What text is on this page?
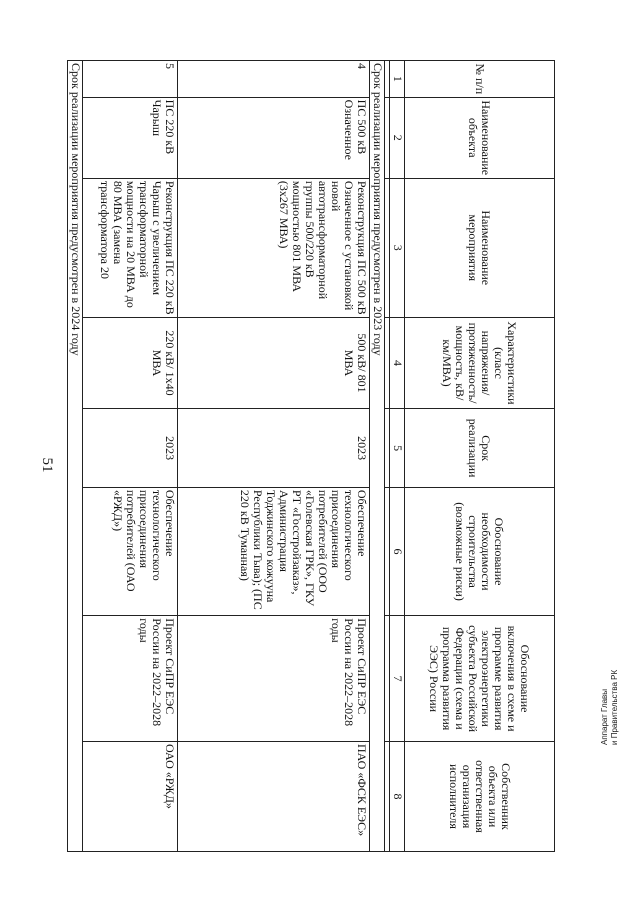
51
№ п/п	Наименование объекта	Наименование мероприятия	Характеристики (класс напряжения/ протяженность/ мощность, кВ/км/МВА)	Срок реализации	Обоснование необходимости строительства (возможные риски)	Обоснование включения в схеме и программе развития электроэнергетики субъекта Российской Федерации (схема и программа развития ЭЭС) России	Собственник объекта или ответственная организация исполнителя
1	2	3	4	5	6	7	8

Срок реализации мероприятия предусмотрен в 2023 году							
4	ПС 500 кВ Означенное	Реконструкция ПС 500 кВ Означенное с установкой новой автотрансформаторной группы 500/220 кВ мощностью 801 МВА (3х267 МВА)	500 кВ/ 801 МВА	2023	Обеспечение технологического присоединения потребителей (ООО «Голевская ГРК», ГКУ РТ «Госстройзаказ», Администрация Тоджинского кожууна Республики Тыва); (ПС 220 кВ Туманная)	Проект СиПР ЕЭС России на 2022–2028 годы	ПАО «ФСК ЕЭС»
5	ПС 220 кВ Чарыш	Реконструкция ПС 220 кВ Чарыш с увеличением трансформаторной мощности на 20 МВА до 80 МВА (замена трансформатора 20	220 кВ/ 1х40 МВА	2023	Обеспечение технологического присоединения потребителей (ОАО «РЖД»)	Проект СиПР ЕЭС России на 2022–2028 годы	ОАО «РЖД»
Срок реализации мероприятия предусмотрен в 2024 году							
Аппарат Главы и Правительства РК
